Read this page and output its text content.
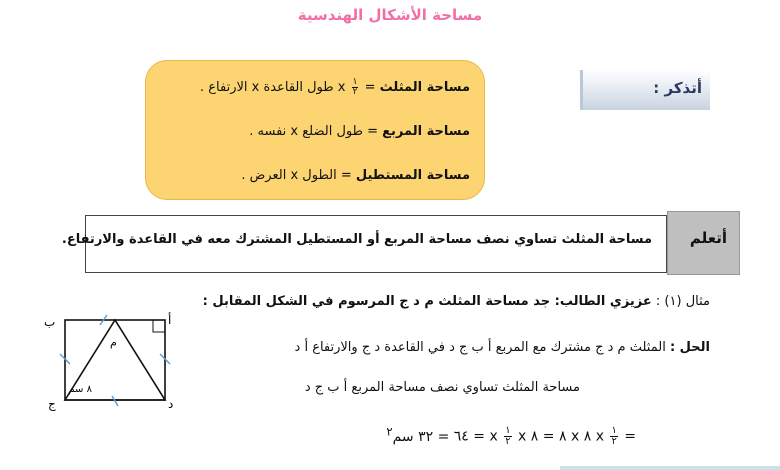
مساحة الأشكال الهندسية
أتذكر :
مساحة المثلث =
$\frac{١}{٢}$
x طول القاعدة x الارتفاع .
مساحة المربع = طول الضلع x نفسه .
مساحة المستطيل = الطول x العرض .
أتعلم
مساحة المثلث تساوي نصف مساحة المربع أو المستطيل المشترك معه في القاعدة والارتفاع.
مثال (١) : عزيزي الطالب: جد مساحة المثلث م د ج المرسوم في الشكل المقابل :
الحل : المثلث م د ج مشترك مع المربع أ ب ج د في القاعدة د ج والارتفاع أ د
مساحة المثلث تساوي نصف مساحة المربع أ ب ج د
=
$\frac{١}{٢}$
x ٨ x ٨ = ٨ x
$\frac{١}{٢}$
x = ٦٤ = ٣٢ سم$^٢$
ب	أ
ج	د
م
٨ سم
